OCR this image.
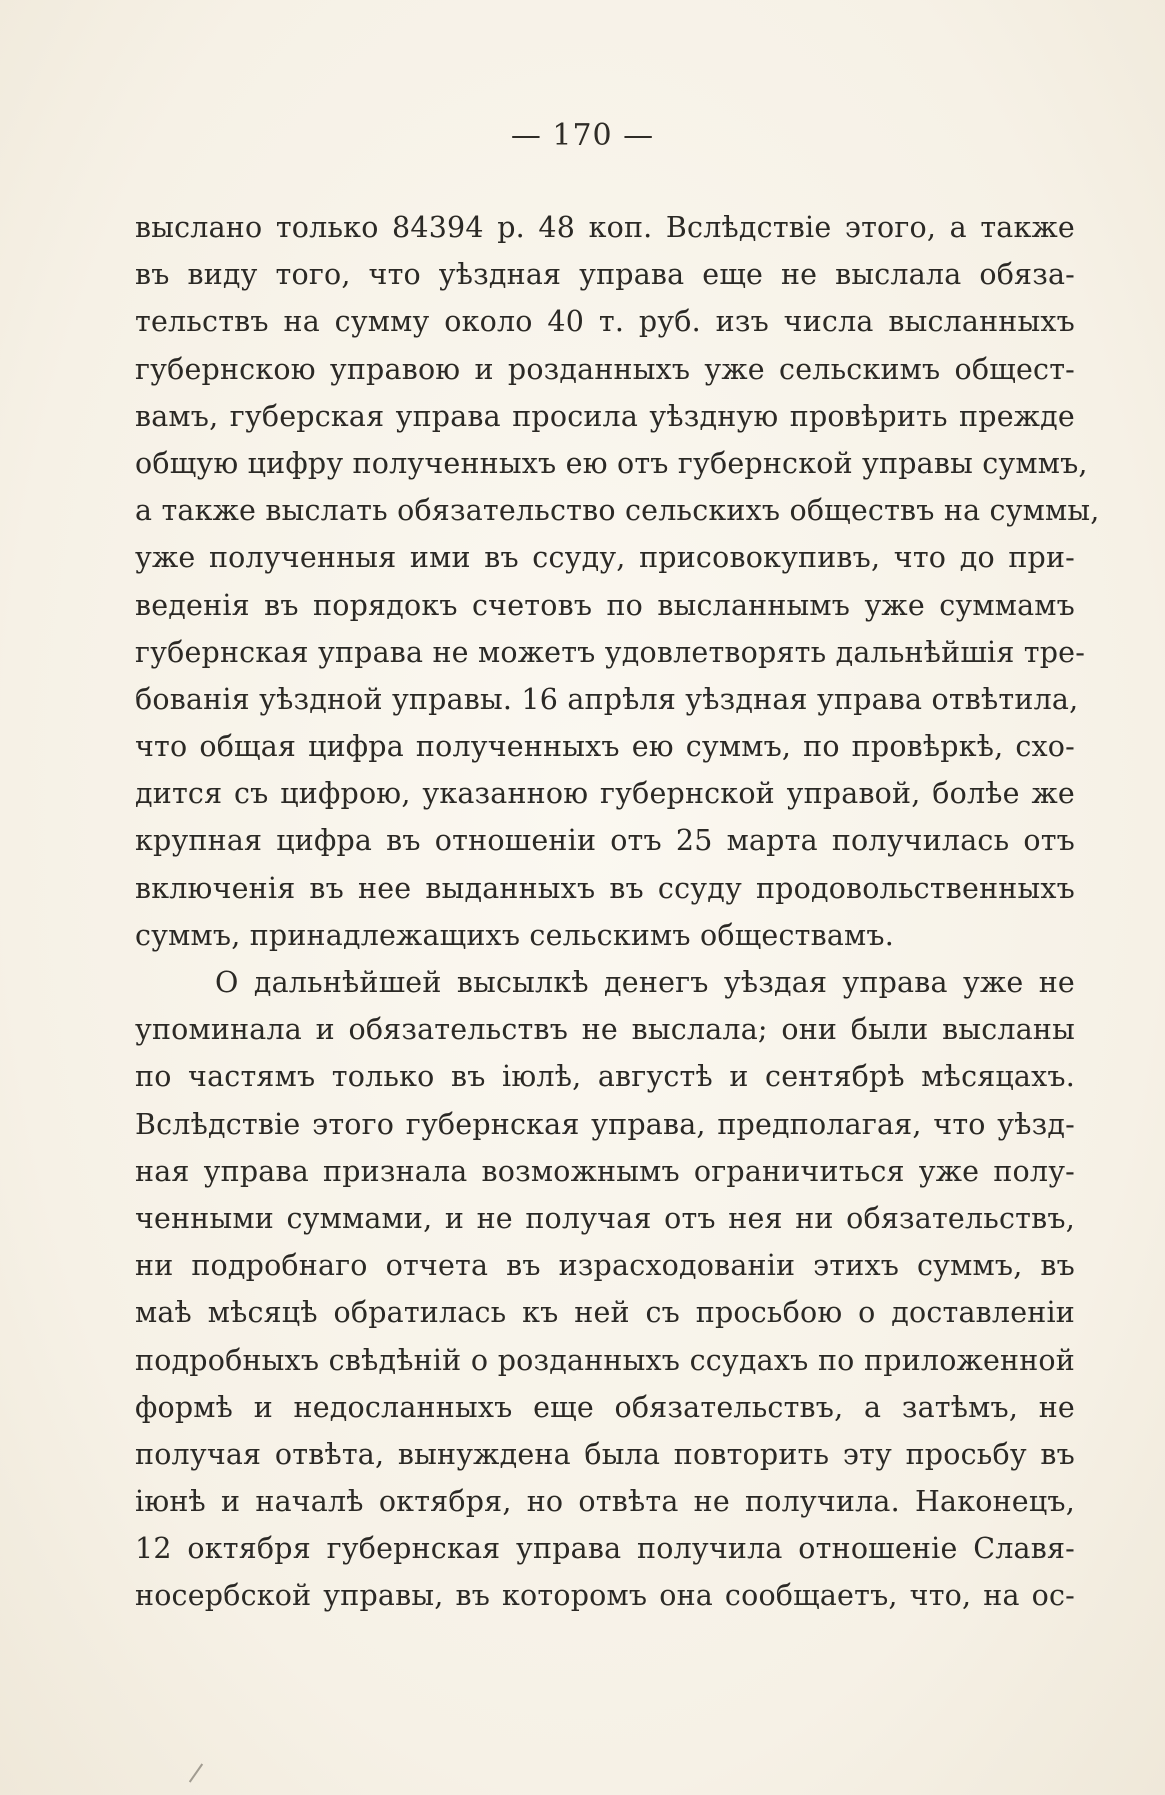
— 170 —
выслано только 84394 р. 48 коп. Вслѣдствіе этого, а также
въ виду того, что уѣздная управа еще не выслала обяза-
тельствъ на сумму около 40 т. руб. изъ числа высланныхъ
губернскою управою и розданныхъ уже сельскимъ общест-
вамъ, губерская управа просила уѣздную провѣрить прежде
общую цифру полученныхъ ею отъ губернской управы суммъ,
а также выслать обязательство сельскихъ обществъ на суммы,
уже полученныя ими въ ссуду, присовокупивъ, что до при-
веденія въ порядокъ счетовъ по высланнымъ уже суммамъ
губернская управа не можетъ удовлетворять дальнѣйшія тре-
бованія уѣздной управы. 16 апрѣля уѣздная управа отвѣтила,
что общая цифра полученныхъ ею суммъ, по провѣркѣ, схо-
дится съ цифрою, указанною губернской управой, болѣе же
крупная цифра въ отношеніи отъ 25 марта получилась отъ
включенія въ нее выданныхъ въ ссуду продовольственныхъ
суммъ, принадлежащихъ сельскимъ обществамъ.
О дальнѣйшей высылкѣ денегъ уѣздая управа уже не
упоминала и обязательствъ не выслала; они были высланы
по частямъ только въ іюлѣ, августѣ и сентябрѣ мѣсяцахъ.
Вслѣдствіе этого губернская управа, предполагая, что уѣзд-
ная управа признала возможнымъ ограничиться уже полу-
ченными суммами, и не получая отъ нея ни обязательствъ,
ни подробнаго отчета въ израсходованіи этихъ суммъ, въ
маѣ мѣсяцѣ обратилась къ ней съ просьбою о доставленіи
подробныхъ свѣдѣній о розданныхъ ссудахъ по приложенной
формѣ и недосланныхъ еще обязательствъ, а затѣмъ, не
получая отвѣта, вынуждена была повторить эту просьбу въ
іюнѣ и началѣ октября, но отвѣта не получила. Наконецъ,
12 октября губернская управа получила отношеніе Славя-
носербской управы, въ которомъ она сообщаетъ, что, на ос-
